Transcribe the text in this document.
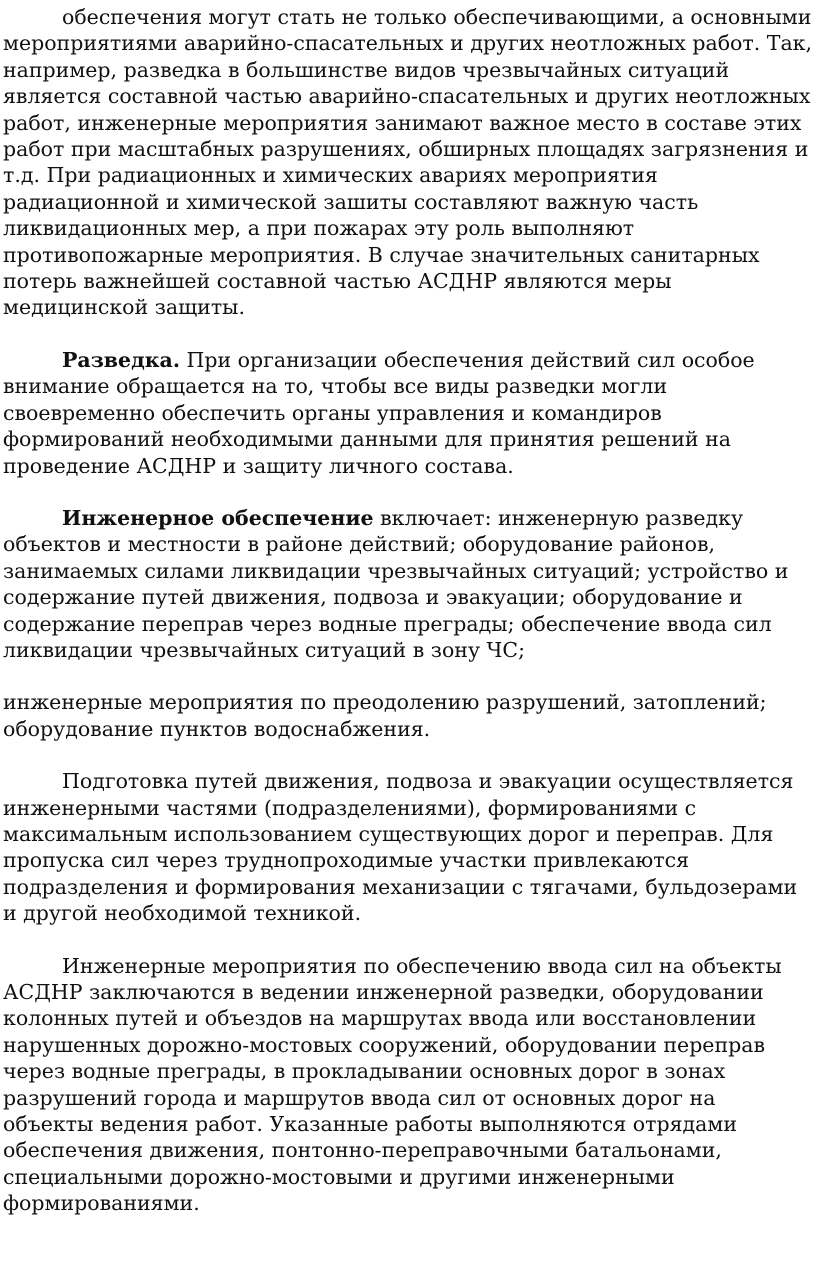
обеспечения могут стать не только обеспечивающими, а основными мероприятиями аварийно-спасательных и других неотложных работ. Так, например, разведка в большинстве видов чрезвычайных ситуаций является составной частью аварийно-спасательных и других неотложных работ, инженерные мероприятия занимают важное место в составе этих работ при масштабных разрушениях, обширных площадях загрязнения и т.д. При радиационных и химических авариях мероприятия радиационной и химической зашиты составляют важную часть ликвидационных мер, а при пожарах эту роль выполняют противопожарные мероприятия. В случае значительных санитарных потерь важнейшей составной частью АСДНР являются меры медицинской защиты.

Разведка. При организации обеспечения действий сил особое внимание обращается на то, чтобы все виды разведки могли своевременно обеспечить органы управления и командиров формирований необходимыми данными для принятия решений на проведение АСДНР и защиту личного состава.

Инженерное обеспечение включает: инженерную разведку объектов и местности в районе действий; оборудование районов, занимаемых силами ликвидации чрезвычайных ситуаций; устройство и содержание путей движения, подвоза и эвакуации; оборудование и содержание переправ через водные преграды; обеспечение ввода сил ликвидации чрезвычайных ситуаций в зону ЧС;

инженерные мероприятия по преодолению разрушений, затоплений; оборудование пунктов водоснабжения.

Подготовка путей движения, подвоза и эвакуации осуществляется инженерными частями (подразделениями), формированиями с максимальным использованием существующих дорог и переправ. Для пропуска сил через труднопроходимые участки привлекаются подразделения и формирования механизации с тягачами, бульдозерами и другой необходимой техникой.

Инженерные мероприятия по обеспечению ввода сил на объекты АСДНР заключаются в ведении инженерной разведки, оборудовании колонных путей и объездов на маршрутах ввода или восстановлении нарушенных дорожно-мостовых сооружений, оборудовании переправ через водные преграды, в прокладывании основных дорог в зонах разрушений города и маршрутов ввода сил от основных дорог на объекты ведения работ. Указанные работы выполняются отрядами обеспечения движения, понтонно-переправочными батальонами, специальными дорожно-мостовыми и другими инженерными формированиями.
